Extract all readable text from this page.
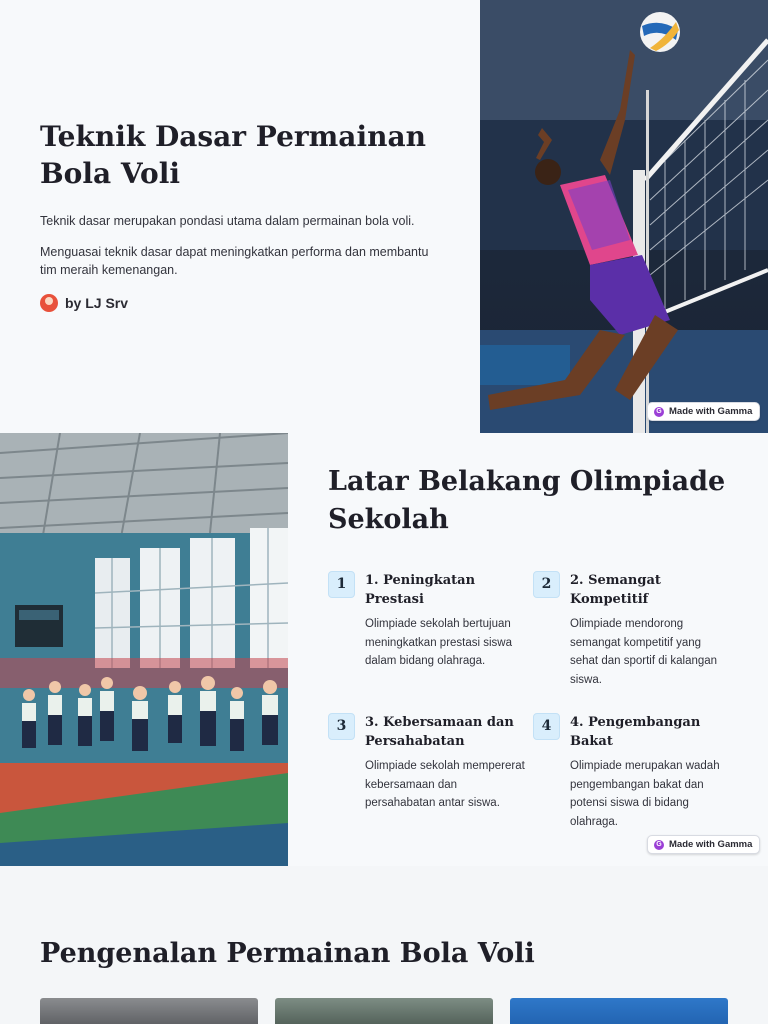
Teknik Dasar Permainan Bola Voli

Teknik dasar merupakan pondasi utama dalam permainan bola voli.

Menguasai teknik dasar dapat meningkatkan performa dan membantu tim meraih kemenangan.

by LJ Srv
G Made with Gamma
Latar Belakang Olimpiade Sekolah
1	1. Peningkatan Prestasi

Olimpiade sekolah bertujuan meningkatkan prestasi siswa dalam bidang olahraga.

2	2. Semangat Kompetitif

Olimpiade mendorong semangat kompetitif yang sehat dan sportif di kalangan siswa.

3	3. Kebersamaan dan Persahabatan

Olimpiade sekolah mempererat kebersamaan dan persahabatan antar siswa.

4	4. Pengembangan Bakat

Olimpiade merupakan wadah pengembangan bakat dan potensi siswa di bidang olahraga.

G Made with Gamma
Pengenalan Permainan Bola Voli
